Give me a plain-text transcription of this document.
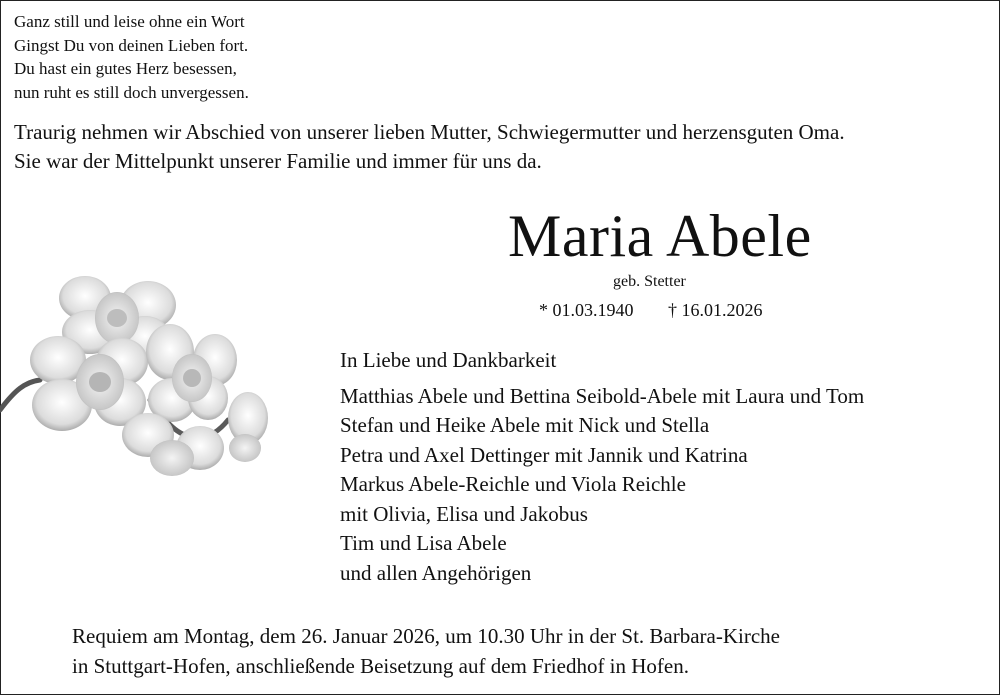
Ganz still und leise ohne ein Wort
Gingst Du von deinen Lieben fort.
Du hast ein gutes Herz besessen,
nun ruht es still doch unvergessen.
Traurig nehmen wir Abschied von unserer lieben Mutter, Schwiegermutter und herzensguten Oma.
Sie war der Mittelpunkt unserer Familie und immer für uns da.
Maria Abele
geb. Stetter
* 01.03.1940 † 16.01.2026
In Liebe und Dankbarkeit
Matthias Abele und Bettina Seibold-Abele mit Laura und Tom
Stefan und Heike Abele mit Nick und Stella
Petra und Axel Dettinger mit Jannik und Katrina
Markus Abele-Reichle und Viola Reichle
mit Olivia, Elisa und Jakobus
Tim und Lisa Abele
und allen Angehörigen
Requiem am Montag, dem 26. Januar 2026, um 10.30 Uhr in der St. Barbara-Kirche
in Stuttgart-Hofen, anschließende Beisetzung auf dem Friedhof in Hofen.
